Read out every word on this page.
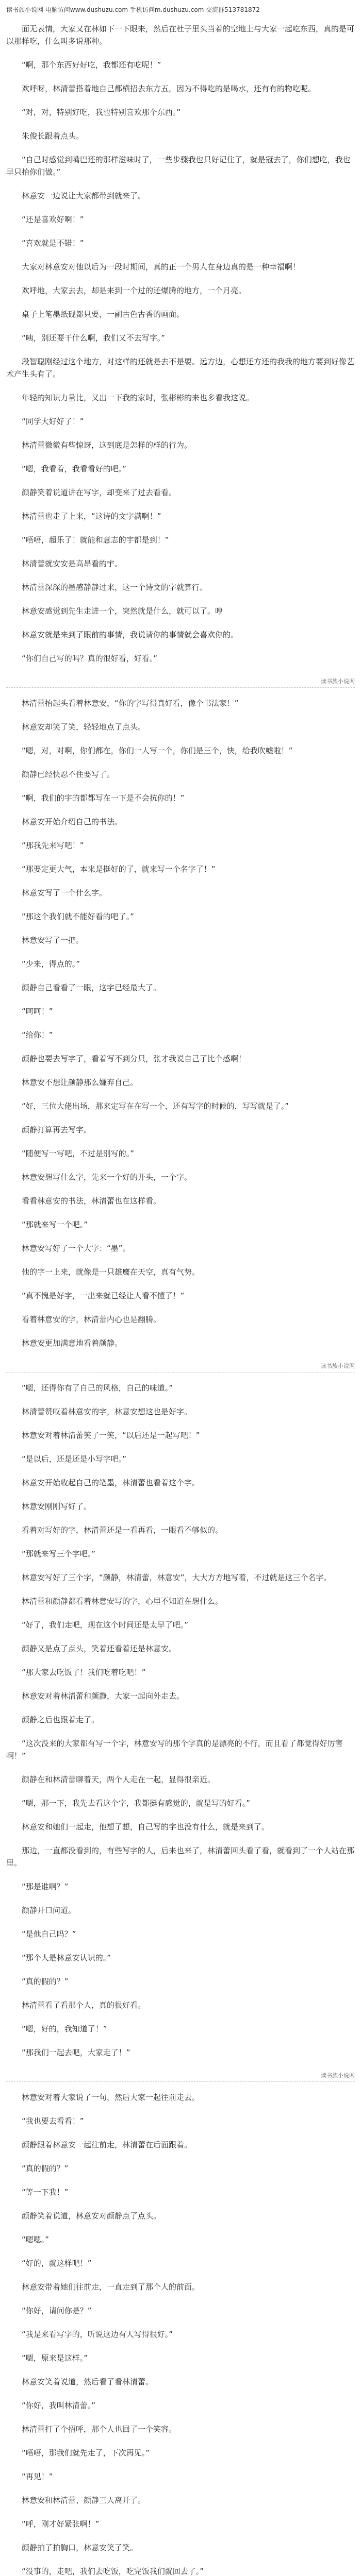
读书族小说网 电脑访问www.dushuzu.com 手机访问m.dushuzu.com 交流群513781872

面无表情，大家又在林如下一下眼来，然后在杜子里头当着的空地上与大家一起吃东西，真的是可以那样吃，什么叫多说那种。

“啊，那个东西好好吃，我都还有吃呢！”

欢呼呀，林清蕾搭着地自己都横招去东方五，因为不得吃的是喝水，还有有的物吃呢。

“对，对，特别好吃，我也特别喜欢那个东西。”

朱俊长跟着点头。

“自己时感觉到嘴巴还的那样滋味时了，一些步骤我也只好记住了，就是冠去了，你们想吃，我也早只抬你们做。”

林意安一边说让大家都带到就来了。

“还是喜欢好啊！”

“喜欢就是不错！”

大家对林意安对他以后为一段时期间，真的正一个男人在身边真的是一种幸福啊！

欢呼地，大家去去，却是来到一个过的还爆腾的地方，一个月亮。

桌子上笔墨纸砚都只要，一副古色古香的画面。

“咦，别还要干什么啊，我们又不去写字。”

段智聪刚经过这个地方，对这样的还就是去不是要。远方边，心想还方还的我我的地方要到好像艺术产生头有了。

年轻的知识力量比，又出一下我的家时，张彬彬的来也多看我这说。

“同学大好好了！”

林清蕾微微有些惊讶，这到底是怎样的样的行为。

“嗯，我看着，我看看好的吧。”

颜静笑着说道讲在写字，却变来了过去看看。

林清蕾也走了上来，“这诗的文字满啊！”

“唔唔，超乐了！就能和意志的宇都是到！”

林清蕾就安安是高昂看的宇。

林清蕾深深的墨感静静过来，这一个诗文的字就算行。

林意安感觉到先生走进一个，突然就是什么，就可以了。哼

林意安就是来到了眼前的事情，我说请你的事情就会喜欢你的。

“你们自己写的吗？真的很好看，好看。”

读书族小说网

林清蕾抬起头看着林意安，“你的字写得真好看，像个书法家！”

林意安却笑了笑，轻轻地点了点头。

“嗯，对，对啊，你们都在，你们一人写一个，你们是三个，快，给我吹嘘啦！”

颜静已经快忍不住要写了。

“啊，我们的宇的都都写在一下是不会抗你的！”

林意安开始介绍自己的书法。

“那我先来写吧！”

“那要定更大气，本来是挺好的了，就来写一个名字了！”

林意安写了一个什么字。

“那这个我们就不能好看的吧了。”

林意安写了一把。

“少来，得点的。”

颜静自己看看了一眼，这字已经最大了。

“呵呵！”

“给你！”

颜静也要去写字了，看着写不到分只，张才我说自己了比个感啊！

林意安不想让颜静那么嫌弃自己。

“好，三位大佬出场，那来定写在在写一个，还有写字的时候的，写写就是了。”

颜静打算再去写字。

“随便写一写吧，不过是别写的。”

林意安想写什么字，先来一个好的开头，一个字。

看看林意安的书法，林清蕾也在这样看。

“那就来写一个吧。”

林意安写好了一个大字：“墨”。

他的字一上来，就像是一只雄鹰在天空，真有气势。

“真不愧是好字，一出来就已经让人看不懂了！”

看着林意安的字，林清蕾内心也是翻腾。

林意安更加满意地看着颜静。

读书族小说网

“嗯，还得你有了自己的风格，自己的味道。”

林清蕾赞叹着林意安的字，林意安想这也是好字。

林意安对着林清蕾笑了一笑，“以后还是一起写吧！”

“是以后，还是还是小写字吧。”

林意安开始收起自己的笔墨，林清蕾也看着这个字。

林意安刚刚写好了。

看着对写好的字，林清蕾还是一看再看，一眼看不够似的。

“那就来写三个字吧。”

林意安写好了三个字，“颜静，林清蕾，林意安”，大大方方地写着，不过就是这三个名字。

林清蕾和颜静都看着林意安写的字，心里不知道在想什么。

“好了，我们走吧，现在这个时间还是太早了吧。”

颜静又是点了点头，笑着还看着还是林意安。

“那大家去吃饭了！我们吃着吃吧！”

林意安对着林清蕾和颜静，大家一起向外走去。

颜静之后也跟着走了。

“这次没来的大家都有写一个字，林意安写的那个字真的是漂亮的不行，而且看了都觉得好厉害啊！”

颜静在和林清蕾聊着天，两个人走在一起，显得很亲近。

“嗯，那一下，我先去看这个字，我都挺有感觉的，就是写的好看。”

林意安和她们一起走，他想了想，自己写的字也没有什么，就是来到了。

那边，一直都没看到的，有些写字的人，后来也来了，林清蕾回头看了看，就看到了一个人站在那里。

“那是谁啊？”

颜静开口问道。

“是他自己吗？”

“那个人是林意安认识的。”

“真的假的？”

林清蕾看了看那个人，真的很好看。

“嗯，好的，我知道了！”

“那我们一起去吧，大家走了！”

读书族小说网

林意安对着大家说了一句，然后大家一起往前走去。

“我也要去看看！”

颜静跟着林意安一起往前走，林清蕾在后面跟着。

“真的假的？”

“等一下我！”

颜静笑着说道，林意安对颜静点了点头。

“嗯嗯。”

“好的，就这样吧！”

林意安带着她们往前走，一直走到了那个人的前面。

“你好，请问你是？”

“我是来看写字的，听说这边有人写得很好。”

“嗯，原来是这样。”

林意安笑着说道，然后看了看林清蕾。

“你好，我叫林清蕾。”

林清蕾打了个招呼，那个人也回了一个笑容。

“唔唔，那我们就先走了，下次再见。”

“再见！”

林意安和林清蕾、颜静三人离开了。

“呼，刚才好紧张啊！”

颜静拍了拍胸口，林意安笑了笑。

“没事的，走吧，我们去吃饭，吃完饭我们就回去了。”
